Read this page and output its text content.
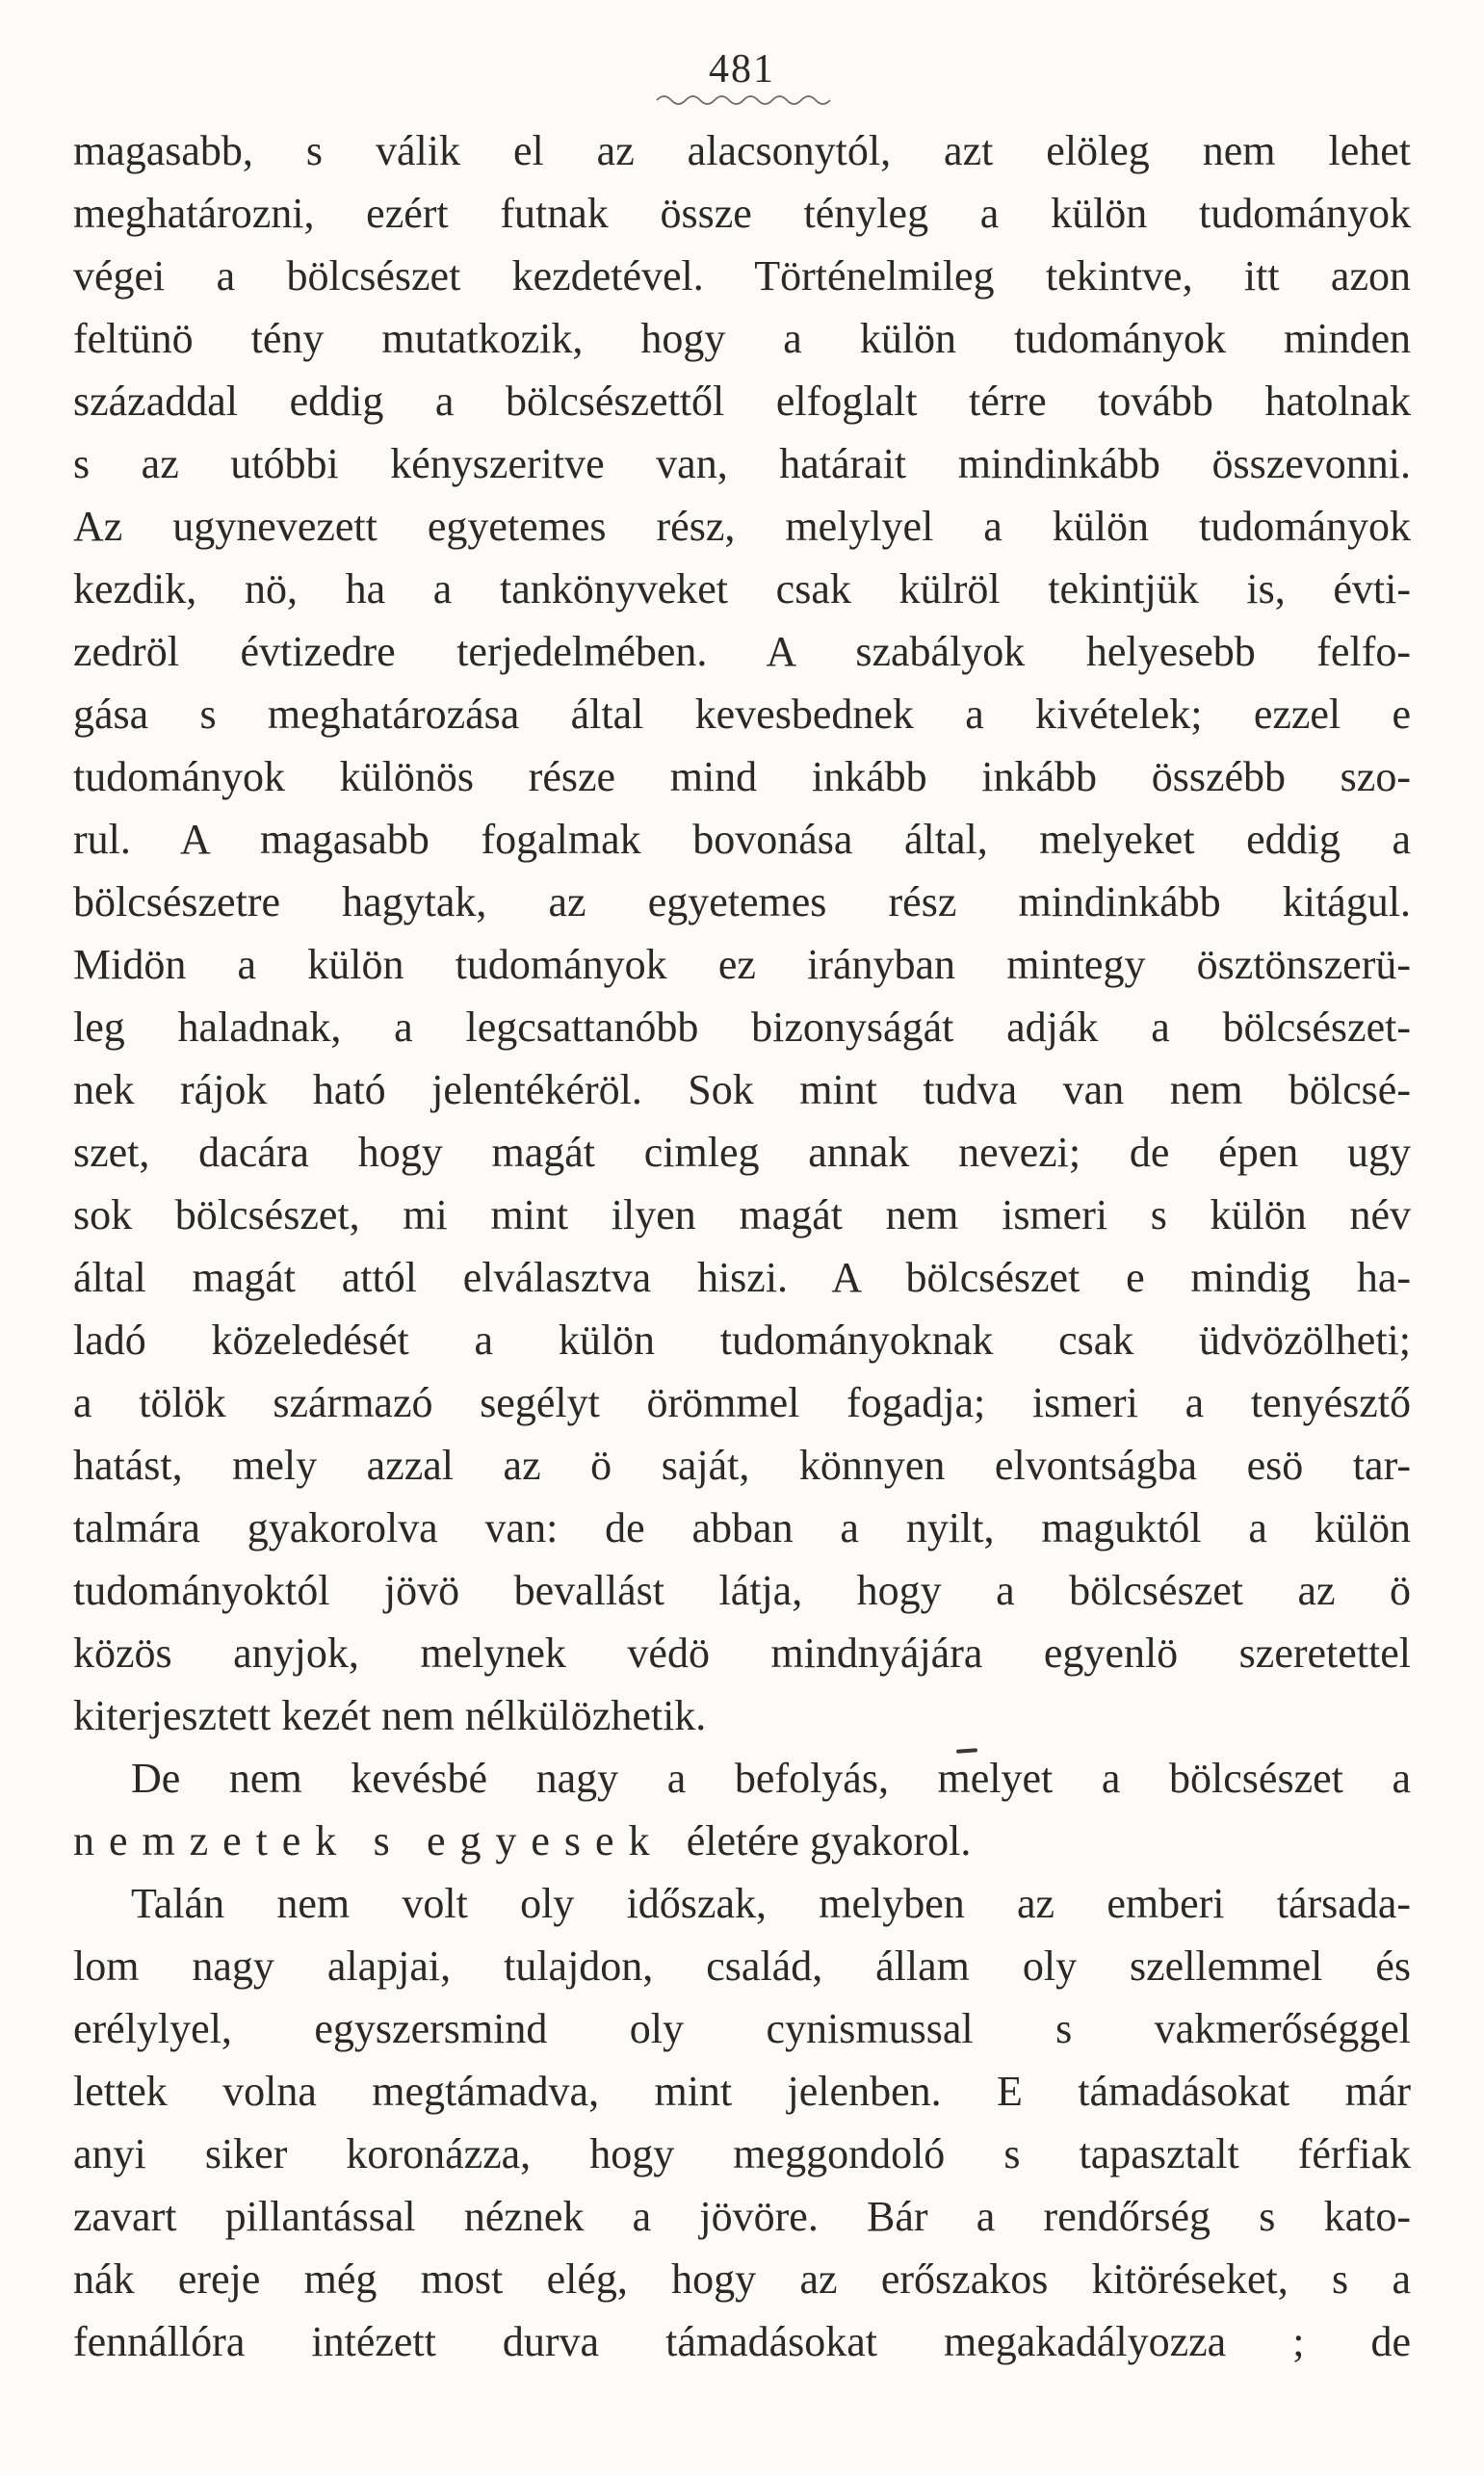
481
magasabb, s válik el az alacsonytól, azt elöleg nem lehet
meghatározni, ezért futnak össze tényleg a külön tudományok
végei a bölcsészet kezdetével. Történelmileg tekintve, itt azon
feltünö tény mutatkozik, hogy a külön tudományok minden
századdal eddig a bölcsészettől elfoglalt térre tovább hatolnak
s az utóbbi kényszeritve van, határait mindinkább összevonni.
Az ugynevezett egyetemes rész, melylyel a külön tudományok
kezdik, nö, ha a tankönyveket csak külröl tekintjük is, évti-
zedröl évtizedre terjedelmében. A szabályok helyesebb felfo-
gása s meghatározása által kevesbednek a kivételek; ezzel e
tudományok különös része mind inkább inkább összébb szo-
rul. A magasabb fogalmak bovonása által, melyeket eddig a
bölcsészetre hagytak, az egyetemes rész mindinkább kitágul.
Midön a külön tudományok ez irányban mintegy ösztönszerü-
leg haladnak, a legcsattanóbb bizonyságát adják a bölcsészet-
nek rájok ható jelentékéröl. Sok mint tudva van nem bölcsé-
szet, dacára hogy magát cimleg annak nevezi; de épen ugy
sok bölcsészet, mi mint ilyen magát nem ismeri s külön név
által magát attól elválasztva hiszi. A bölcsészet e mindig ha-
ladó közeledését a külön tudományoknak csak üdvözölheti;
a tölök származó segélyt örömmel fogadja; ismeri a tenyésztő
hatást, mely azzal az ö saját, könnyen elvontságba esö tar-
talmára gyakorolva van: de abban a nyilt, maguktól a külön
tudományoktól jövö bevallást látja, hogy a bölcsészet az ö
közös anyjok, melynek védö mindnyájára egyenlö szeretettel
kiterjesztett kezét nem nélkülözhetik.
De nem kevésbé nagy a befolyás, melyet a bölcsészet a
nemzetek s egyesek életére gyakorol.
Talán nem volt oly időszak, melyben az emberi társada-
lom nagy alapjai, tulajdon, család, állam oly szellemmel és
erélylyel, egyszersmind oly cynismussal s vakmerőséggel
lettek volna megtámadva, mint jelenben. E támadásokat már
anyi siker koronázza, hogy meggondoló s tapasztalt férfiak
zavart pillantással néznek a jövöre. Bár a rendőrség s kato-
nák ereje még most elég, hogy az erőszakos kitöréseket, s a
fennállóra intézett durva támadásokat megakadályozza ; de
